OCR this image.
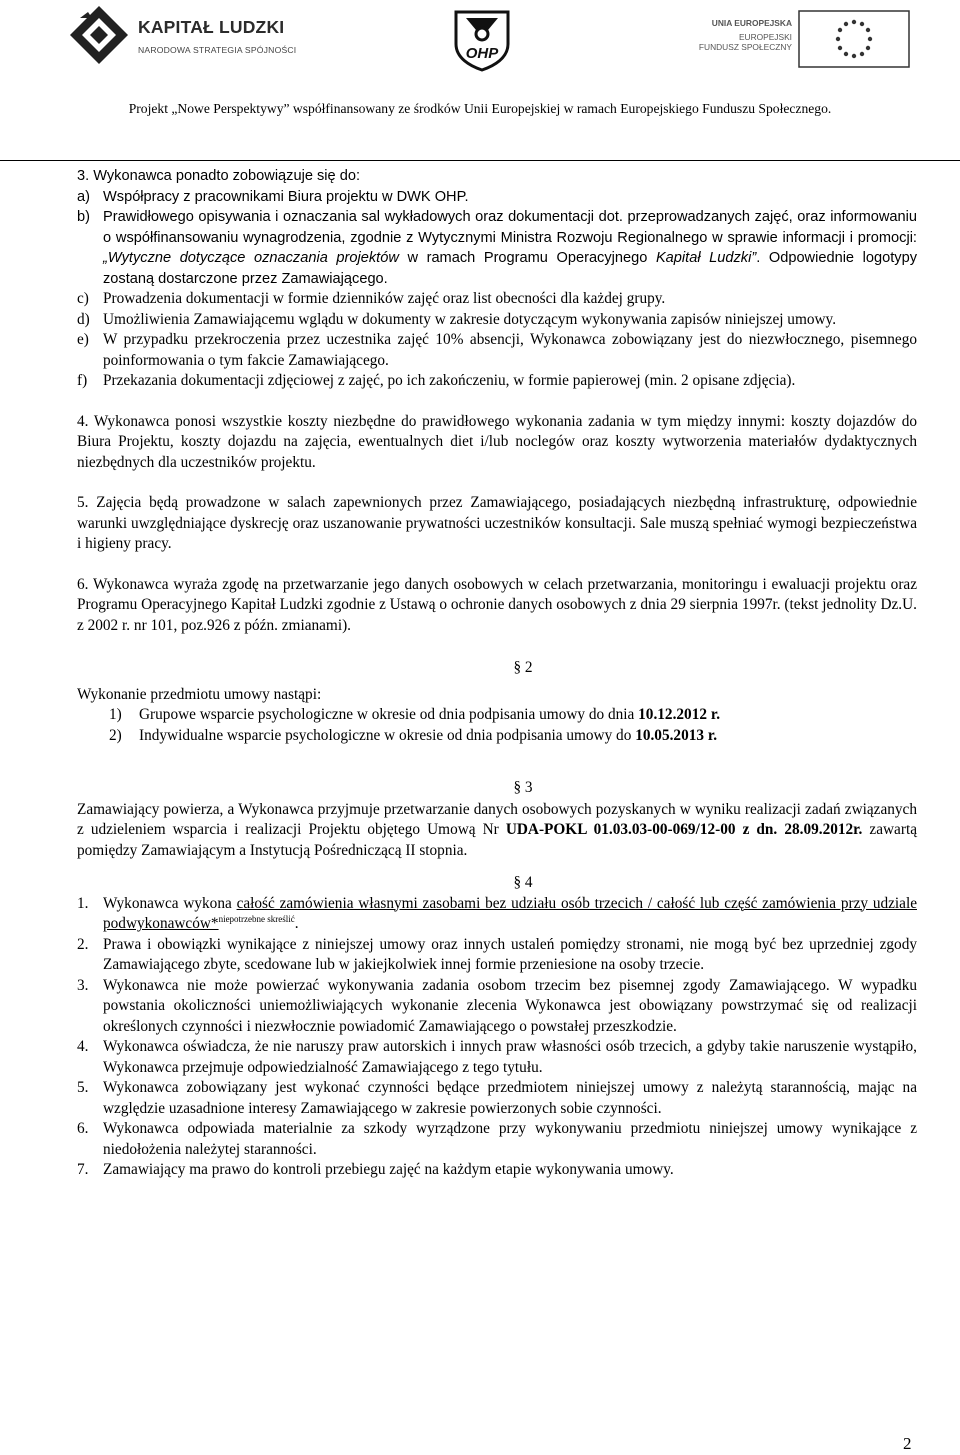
KAPITAŁ LUDZKI
NARODOWA STRATEGIA SPÓJNOŚCI	OHP
UNIA EUROPEJSKA
EUROPEJSKI
FUNDUSZ SPOŁECZNY
Projekt „Nowe Perspektywy” współfinansowany ze środków Unii Europejskiej w ramach Europejskiego Funduszu Społecznego.

3. Wykonawca ponadto zobowiązuje się do:

a) Współpracy z pracownikami Biura projektu w DWK OHP.
b) Prawidłowego opisywania i oznaczania sal wykładowych oraz dokumentacji dot. przeprowadzanych zajęć, oraz informowaniu o współfinansowaniu wynagrodzenia, zgodnie z Wytycznymi Ministra Rozwoju Regionalnego w sprawie informacji i promocji: „Wytyczne dotyczące oznaczania projektów w ramach Programu Operacyjnego Kapitał Ludzki”. Odpowiednie logotypy zostaną dostarczone przez Zamawiającego.
c) Prowadzenia dokumentacji w formie dzienników zajęć oraz list obecności dla każdej grupy.
d) Umożliwienia Zamawiającemu wglądu w dokumenty w zakresie dotyczącym wykonywania zapisów niniejszej umowy.
e) W przypadku przekroczenia przez uczestnika zajęć 10% absencji, Wykonawca zobowiązany jest do niezwłocznego, pisemnego poinformowania o tym fakcie Zamawiającego.
f)	Przekazania dokumentacji zdjęciowej z zajęć, po ich zakończeniu, w formie papierowej (min. 2 opisane zdjęcia).

4. Wykonawca ponosi wszystkie koszty niezbędne do prawidłowego wykonania zadania w tym między innymi: koszty dojazdów do Biura Projektu, koszty dojazdu na zajęcia, ewentualnych diet i/lub noclegów oraz koszty wytworzenia materiałów dydaktycznych niezbędnych dla uczestników projektu.

5. Zajęcia będą prowadzone w salach zapewnionych przez Zamawiającego, posiadających niezbędną infrastrukturę, odpowiednie warunki uwzględniające dyskrecję oraz uszanowanie prywatności uczestników konsultacji. Sale muszą spełniać wymogi bezpieczeństwa i higieny pracy.

6. Wykonawca wyraża zgodę na przetwarzanie jego danych osobowych w celach przetwarzania, monitoringu i ewaluacji projektu oraz Programu Operacyjnego Kapitał Ludzki zgodnie z Ustawą o ochronie danych osobowych z dnia 29 sierpnia 1997r. (tekst jednolity Dz.U. z 2002 r. nr 101, poz.926 z późn. zmianami).

§ 2

Wykonanie przedmiotu umowy nastąpi:

1)	Grupowe wsparcie psychologiczne w okresie od dnia podpisania umowy do dnia 10.12.2012 r.
2)	Indywidualne wsparcie psychologiczne w okresie od dnia podpisania umowy do 10.05.2013 r.

§ 3

Zamawiający powierza, a Wykonawca przyjmuje przetwarzanie danych osobowych pozyskanych w wyniku realizacji zadań związanych z udzieleniem wsparcia i realizacji Projektu objętego Umową Nr UDA-POKL 01.03.03-00-069/12-00 z dn. 28.09.2012r. zawartą pomiędzy Zamawiającym a Instytucją Pośredniczącą II stopnia.

§ 4

1. Wykonawca wykona całość zamówienia własnymi zasobami bez udziału osób trzecich / całość lub część zamówienia przy udziale podwykonawców*$^{niepotrzebne skreślić}$.
2. Prawa i obowiązki wynikające z niniejszej umowy oraz innych ustaleń pomiędzy stronami, nie mogą być bez uprzedniej zgody Zamawiającego zbyte, scedowane lub w jakiejkolwiek innej formie przeniesione na osoby trzecie.
3. Wykonawca nie może powierzać wykonywania zadania osobom trzecim bez pisemnej zgody Zamawiającego. W wypadku powstania okoliczności uniemożliwiających wykonanie zlecenia Wykonawca jest obowiązany powstrzymać się od realizacji określonych czynności i niezwłocznie powiadomić Zamawiającego o powstałej przeszkodzie.
4. Wykonawca oświadcza, że nie naruszy praw autorskich i innych praw własności osób trzecich, a gdyby takie naruszenie wystąpiło, Wykonawca przejmuje odpowiedzialność Zamawiającego z tego tytułu.
5. Wykonawca zobowiązany jest wykonać czynności będące przedmiotem niniejszej umowy z należytą starannością, mając na względzie uzasadnione interesy Zamawiającego w zakresie powierzonych sobie czynności.
6. Wykonawca odpowiada materialnie za szkody wyrządzone przy wykonywaniu przedmiotu niniejszej umowy wynikające z niedołożenia należytej staranności.
7. Zamawiający ma prawo do kontroli przebiegu zajęć na każdym etapie wykonywania umowy.
2
